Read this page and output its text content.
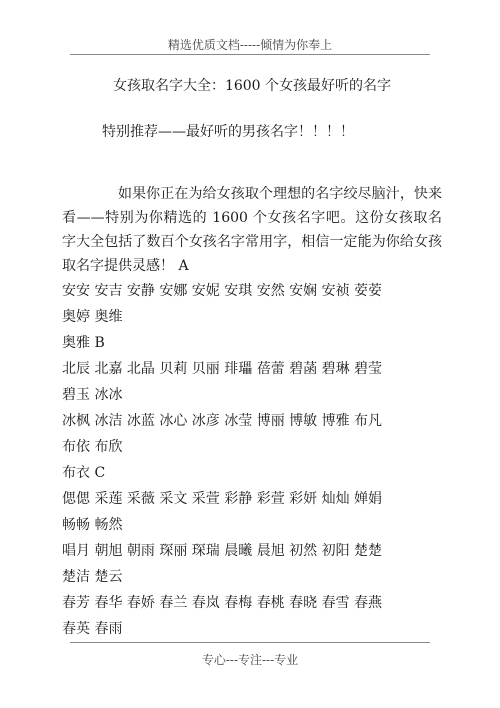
精选优质文档-----倾情为你奉上
女孩取名字大全：1600 个女孩最好听的名字
特别推荐——最好听的男孩名字！！！！
如果你正在为给女孩取个理想的名字绞尽脑汁，快来看——特别为你精选的 1600 个女孩名字吧。这份女孩取名字大全包括了数百个女孩名字常用字，相信一定能为你给女孩取名字提供灵感！ A
安安 安吉 安静 安娜 安妮 安琪 安然 安娴 安祯 荌荌
奥婷 奥维
奥雅 B
北辰 北嘉 北晶 贝莉 贝丽 琲瓃 蓓蕾 碧菡 碧琳 碧莹
碧玉 冰冰
冰枫 冰洁 冰蓝 冰心 冰彦 冰莹 博丽 博敏 博雅 布凡
布依 布欣
布衣 C
偲偲 采莲 采薇 采文 采萱 彩静 彩萱 彩妍 灿灿 婵娟
畅畅 畅然
唱月 朝旭 朝雨 琛丽 琛瑞 晨曦 晨旭 初然 初阳 楚楚
楚洁 楚云
春芳 春华 春娇 春兰 春岚 春梅 春桃 春晓 春雪 春燕
春英 春雨
专心---专注---专业
